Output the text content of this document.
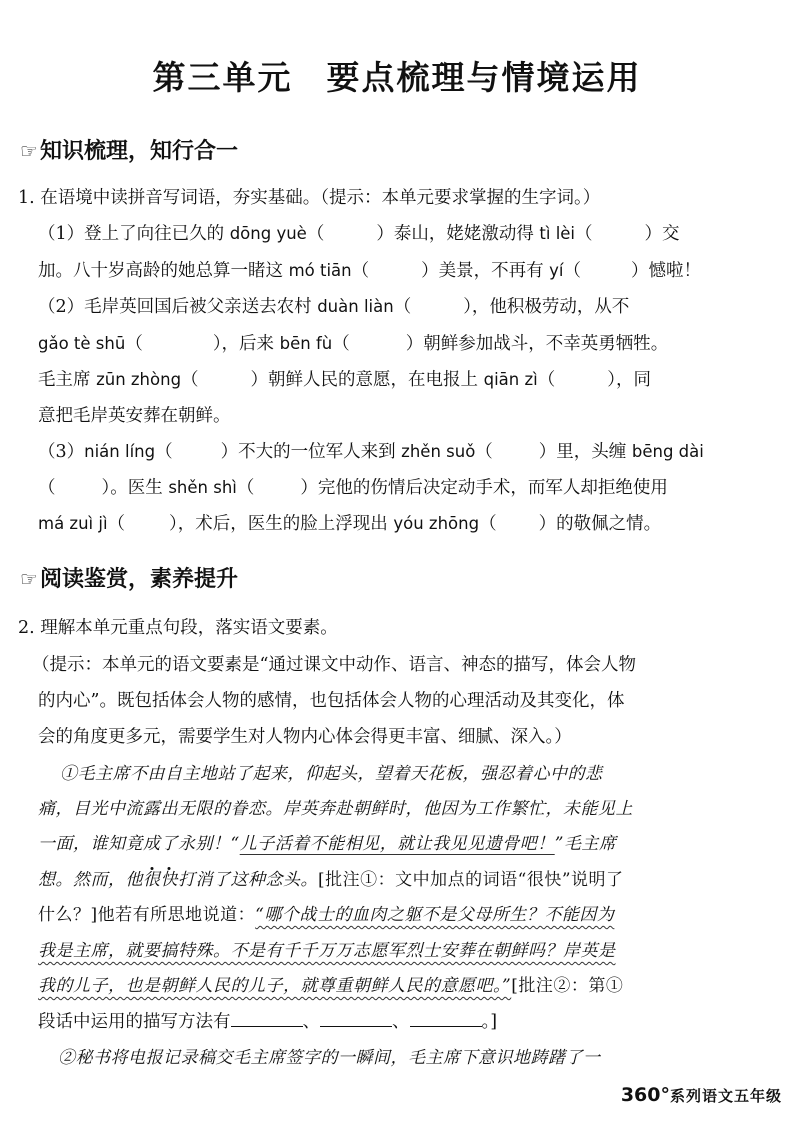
第三单元 要点梳理与情境运用
☞知识梳理，知行合一
1. 在语境中读拼音写词语，夯实基础。（提示：本单元要求掌握的生字词。）
（1）登上了向往已久的 dōng yuè（	）泰山，姥姥激动得 tì lèi（	）交
加。八十岁高龄的她总算一睹这 mó tiān（	）美景，不再有 yí（	）憾啦！
（2）毛岸英回国后被父亲送去农村 duàn liàn（	），他积极劳动，从不
gǎo tè shū（	），后来 bēn fù（	）朝鲜参加战斗，不幸英勇牺牲。
毛主席 zūn zhòng（	）朝鲜人民的意愿，在电报上 qiān zì（	），同
意把毛岸英安葬在朝鲜。
（3）nián líng（	）不大的一位军人来到 zhěn suǒ（	）里，头缠 bēng dài
（	）。医生 shěn shì（	）完他的伤情后决定动手术，而军人却拒绝使用
má zuì jì（	），术后，医生的脸上浮现出 yóu zhōng（ ）的敬佩之情。
☞阅读鉴赏，素养提升
2. 理解本单元重点句段，落实语文要素。
（提示：本单元的语文要素是“通过课文中动作、语言、神态的描写，体会人物
的内心”。既包括体会人物的感情，也包括体会人物的心理活动及其变化，体
会的角度更多元，需要学生对人物内心体会得更丰富、细腻、深入。）
①毛主席不由自主地站了起来，仰起头，望着天花板，强忍着心中的悲
痛，目光中流露出无限的眷恋。岸英奔赴朝鲜时，他因为工作繁忙，未能见上
一面，谁知竟成了永别！“儿子活着不能相见，就让我见见遗骨吧！”毛主席
想。然而，他很快打消了这种念头。[批注①：文中加点的词语“很快”说明了
什么？]他若有所思地说道：“哪个战士的血肉之躯不是父母所生？不能因为
我是主席，就要搞特殊。不是有千千万万志愿军烈士安葬在朝鲜吗？岸英是
我的儿子，也是朝鲜人民的儿子，就尊重朝鲜人民的意愿吧。”[批注②：第①
段话中运用的描写方法有	、	、	。]
②秘书将电报记录稿交毛主席签字的一瞬间，毛主席下意识地踌躇了一
360°系列语文五年级
